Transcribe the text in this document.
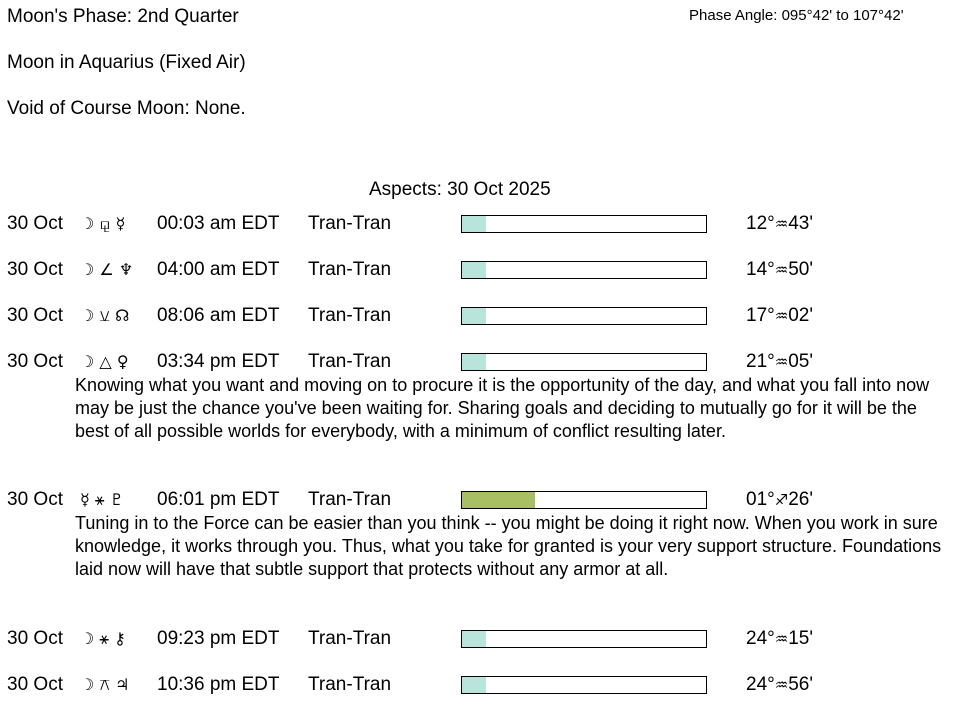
Moon's Phase: 2nd Quarter	Phase Angle: 095°42' to 107°42'
Moon in Aquarius (Fixed Air)
Void of Course Moon: None.
Aspects: 30 Oct 2025
30 Oct ☽ ⚼ ☿ 00:03 am EDT Tran-Tran	12°♒43'
30 Oct ☽ ∠ ♆ 04:00 am EDT Tran-Tran	14°♒50'
30 Oct ☽ ⚺ ☊ 08:06 am EDT Tran-Tran	17°♒02'
30 Oct ☽ △ ♀ 03:34 pm EDT Tran-Tran	21°♒05'
Knowing what you want and moving on to procure it is the opportunity of the day, and what you fall into now may be just the chance you've been waiting for. Sharing goals and deciding to mutually go for it will be the best of all possible worlds for everybody, with a minimum of conflict resulting later.
30 Oct ☿ ⚹ ♇ 06:01 pm EDT Tran-Tran	01°♐26'
Tuning in to the Force can be easier than you think -- you might be doing it right now. When you work in sure knowledge, it works through you. Thus, what you take for granted is your very support structure. Foundations laid now will have that subtle support that protects without any armor at all.
30 Oct ☽ ⚹ ⚷ 09:23 pm EDT Tran-Tran	24°♒15'
30 Oct ☽ ⚻ ♃ 10:36 pm EDT Tran-Tran	24°♒56'
